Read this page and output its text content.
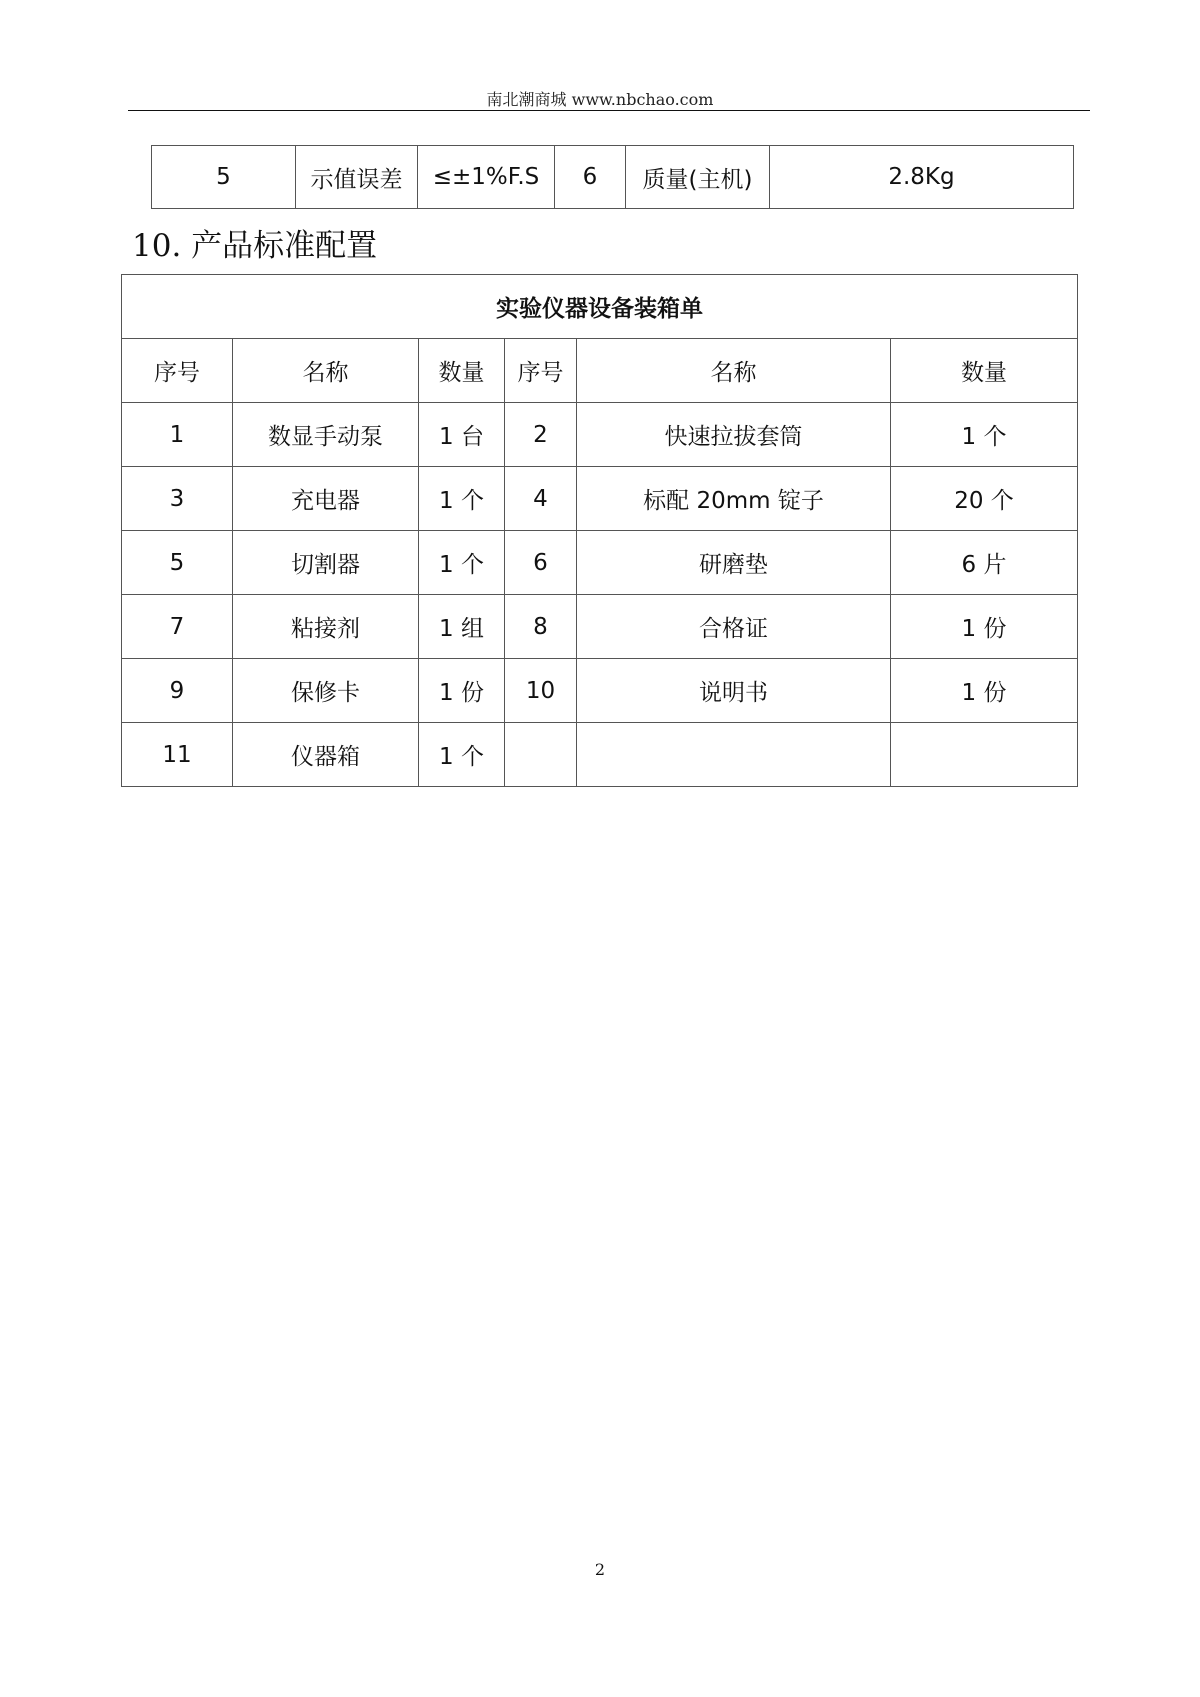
南北潮商城 www.nbchao.com
5	示值误差	≤±1%F.S	6	质量(主机)	2.8Kg
10. 产品标准配置
实验仪器设备装箱单					
序号	名称	数量	序号	名称	数量
1	数显手动泵	1 台	2	快速拉拔套筒	1 个
3	充电器	1 个	4	标配 20mm 锭子	20 个
5	切割器	1 个	6	研磨垫	6 片
7	粘接剂	1 组	8	合格证	1 份
9	保修卡	1 份	10	说明书	1 份
11	仪器箱	1 个			
2
